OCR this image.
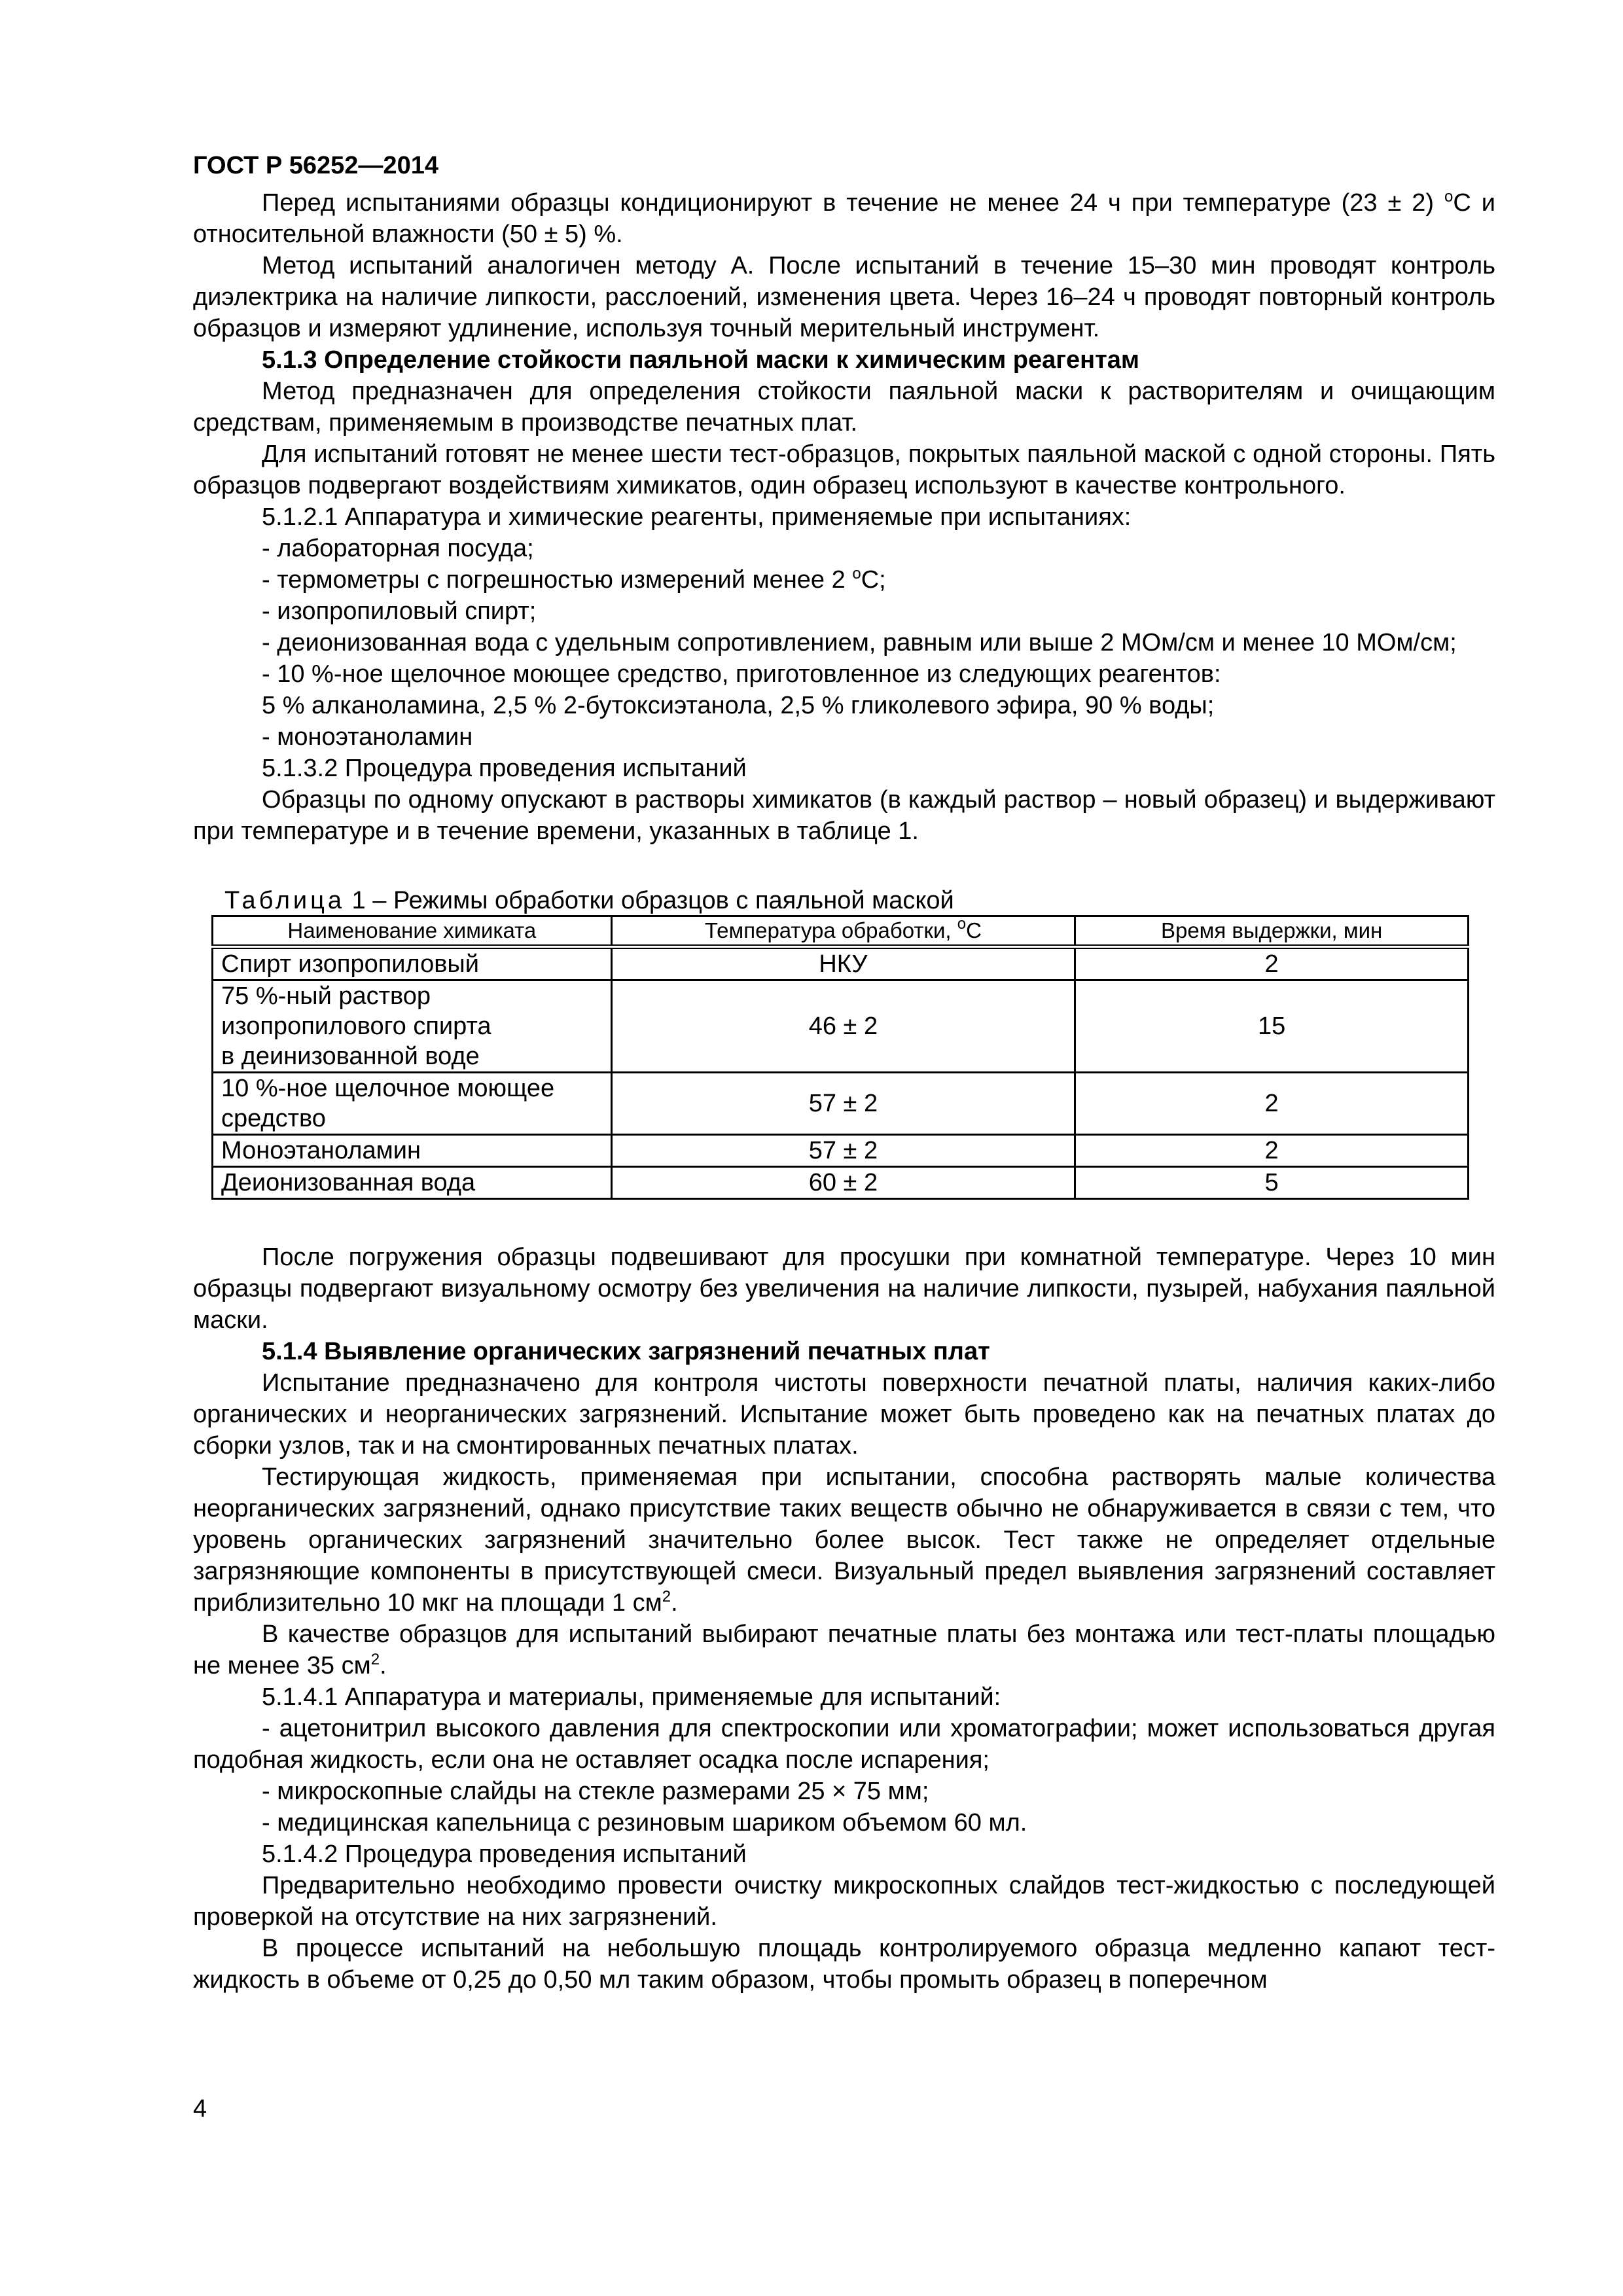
ГОСТ Р 56252—2014

Перед испытаниями образцы кондиционируют в течение не менее 24 ч при температуре (23 ± 2) $^о$С и относительной влажности (50 ± 5) %.

Метод испытаний аналогичен методу А. После испытаний в течение 15–30 мин проводят контроль диэлектрика на наличие липкости, расслоений, изменения цвета. Через 16–24 ч проводят повторный контроль образцов и измеряют удлинение, используя точный мерительный инструмент.

5.1.3 Определение стойкости паяльной маски к химическим реагентам

Метод предназначен для определения стойкости паяльной маски к растворителям и очищающим средствам, применяемым в производстве печатных плат.

Для испытаний готовят не менее шести тест-образцов, покрытых паяльной маской с одной стороны. Пять образцов подвергают воздействиям химикатов, один образец используют в качестве контрольного.

5.1.2.1 Аппаратура и химические реагенты, применяемые при испытаниях:

- лабораторная посуда;

- термометры с погрешностью измерений менее 2 $^о$С;

- изопропиловый спирт;

- деионизованная вода с удельным сопротивлением, равным или выше 2 МОм/см и менее 10 МОм/см;

- 10 %-ное щелочное моющее средство, приготовленное из следующих реагентов:

5 % алканоламина, 2,5 % 2-бутоксиэтанола, 2,5 % гликолевого эфира, 90 % воды;

- моноэтаноламин

5.1.3.2 Процедура проведения испытаний

Образцы по одному опускают в растворы химикатов (в каждый раствор – новый образец) и выдерживают при температуре и в течение времени, указанных в таблице 1.

Таблица 1 – Режимы обработки образцов с паяльной маской
Наименование химиката	Температура обработки, $^о$С	Время выдержки, мин
Спирт изопропиловый	НКУ	2
75 %-ный раствор изопропилового спирта в деинизованной воде	46 ± 2	15
10 %-ное щелочное моющее средство	57 ± 2	2
Моноэтаноламин	57 ± 2	2
Деионизованная вода	60 ± 2	5

После погружения образцы подвешивают для просушки при комнатной температуре. Через 10 мин образцы подвергают визуальному осмотру без увеличения на наличие липкости, пузырей, набухания паяльной маски.

5.1.4 Выявление органических загрязнений печатных плат

Испытание предназначено для контроля чистоты поверхности печатной платы, наличия каких-либо органических и неорганических загрязнений. Испытание может быть проведено как на печатных платах до сборки узлов, так и на смонтированных печатных платах.

Тестирующая жидкость, применяемая при испытании, способна растворять малые количества неорганических загрязнений, однако присутствие таких веществ обычно не обнаруживается в связи с тем, что уровень органических загрязнений значительно более высок. Тест также не определяет отдельные загрязняющие компоненты в присутствующей смеси. Визуальный предел выявления загрязнений составляет приблизительно 10 мкг на площади 1 $см^2$.

В качестве образцов для испытаний выбирают печатные платы без монтажа или тест-платы площадью не менее 35 $см^2$.

5.1.4.1 Аппаратура и материалы, применяемые для испытаний:

- ацетонитрил высокого давления для спектроскопии или хроматографии; может использоваться другая подобная жидкость, если она не оставляет осадка после испарения;

- микроскопные слайды на стекле размерами 25 × 75 мм;

- медицинская капельница с резиновым шариком объемом 60 мл.

5.1.4.2 Процедура проведения испытаний

Предварительно необходимо провести очистку микроскопных слайдов тест-жидкостью с последующей проверкой на отсутствие на них загрязнений.

В процессе испытаний на небольшую площадь контролируемого образца медленно капают тест-жидкость в объеме от 0,25 до 0,50 мл таким образом, чтобы промыть образец в поперечном

4
